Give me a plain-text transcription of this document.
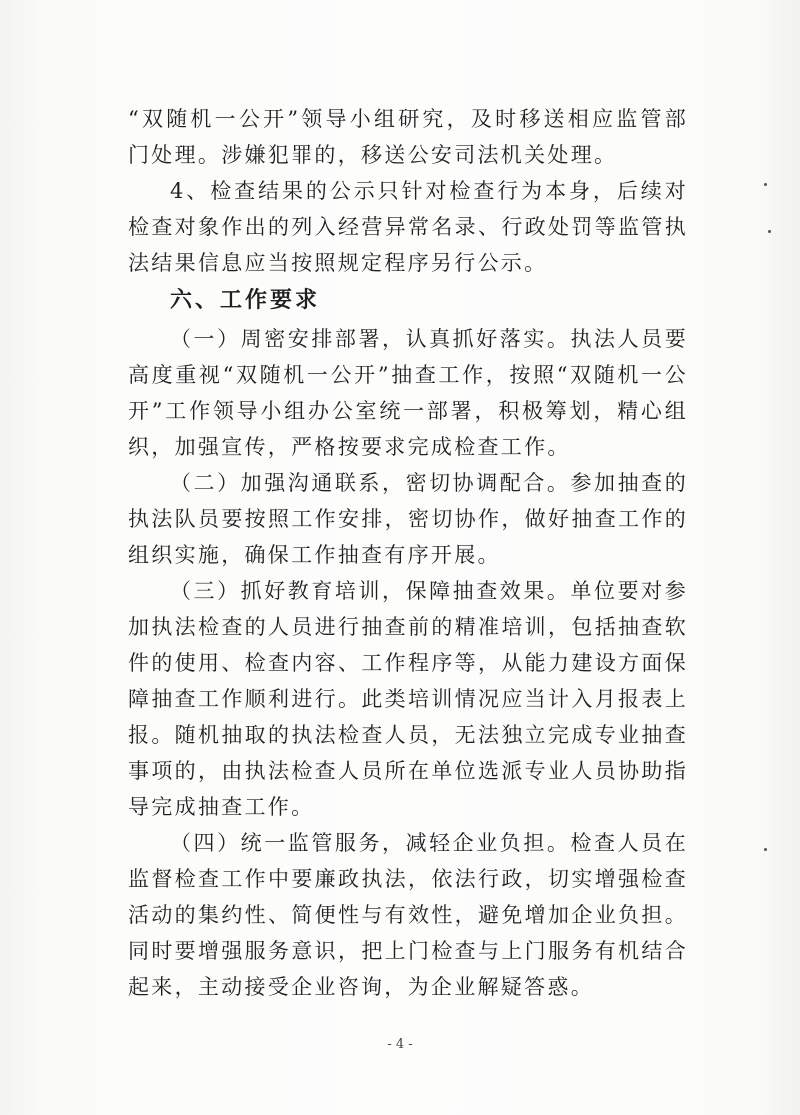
“双随机一公开”领导小组研究，及时移送相应监管部门处理。涉嫌犯罪的，移送公安司法机关处理。

4、检查结果的公示只针对检查行为本身，后续对检查对象作出的列入经营异常名录、行政处罚等监管执法结果信息应当按照规定程序另行公示。

六、工作要求

（一）周密安排部署，认真抓好落实。执法人员要高度重视“双随机一公开”抽查工作，按照“双随机一公开”工作领导小组办公室统一部署，积极筹划，精心组织，加强宣传，严格按要求完成检查工作。

（二）加强沟通联系，密切协调配合。参加抽查的执法队员要按照工作安排，密切协作，做好抽查工作的组织实施，确保工作抽查有序开展。

（三）抓好教育培训，保障抽查效果。单位要对参加执法检查的人员进行抽查前的精准培训，包括抽查软件的使用、检查内容、工作程序等，从能力建设方面保障抽查工作顺利进行。此类培训情况应当计入月报表上报。随机抽取的执法检查人员，无法独立完成专业抽查事项的，由执法检查人员所在单位选派专业人员协助指导完成抽查工作。

（四）统一监管服务，减轻企业负担。检查人员在监督检查工作中要廉政执法，依法行政，切实增强检查活动的集约性、简便性与有效性，避免增加企业负担。同时要增强服务意识，把上门检查与上门服务有机结合起来，主动接受企业咨询，为企业解疑答惑。

- 4 -
